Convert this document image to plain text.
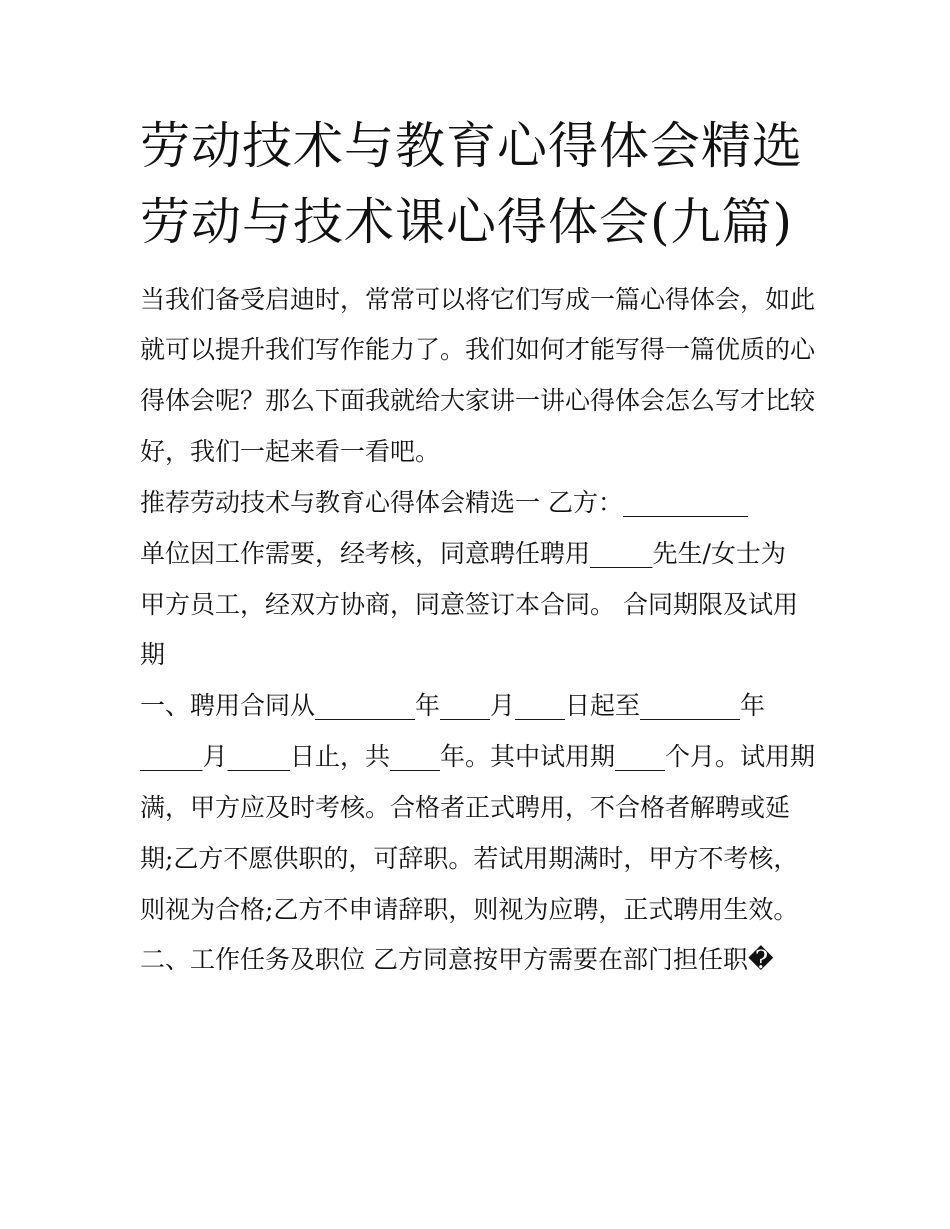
劳动技术与教育心得体会精选
劳动与技术课心得体会(九篇)

当我们备受启迪时，常常可以将它们写成一篇心得体会，如此

就可以提升我们写作能力了。我们如何才能写得一篇优质的心

得体会呢？那么下面我就给大家讲一讲心得体会怎么写才比较

好，我们一起来看一看吧。

推荐劳动技术与教育心得体会精选一 乙方：__________

单位因工作需要，经考核，同意聘任聘用_____先生/女士为

甲方员工，经双方协商，同意签订本合同。 合同期限及试用

期

一、聘用合同从________年____月____日起至________年

_____月_____日止，共____年。其中试用期____个月。试用期

满，甲方应及时考核。合格者正式聘用，不合格者解聘或延

期;乙方不愿供职的，可辞职。若试用期满时，甲方不考核，

则视为合格;乙方不申请辞职，则视为应聘，正式聘用生效。

二、工作任务及职位 乙方同意按甲方需要在部门担任职�
